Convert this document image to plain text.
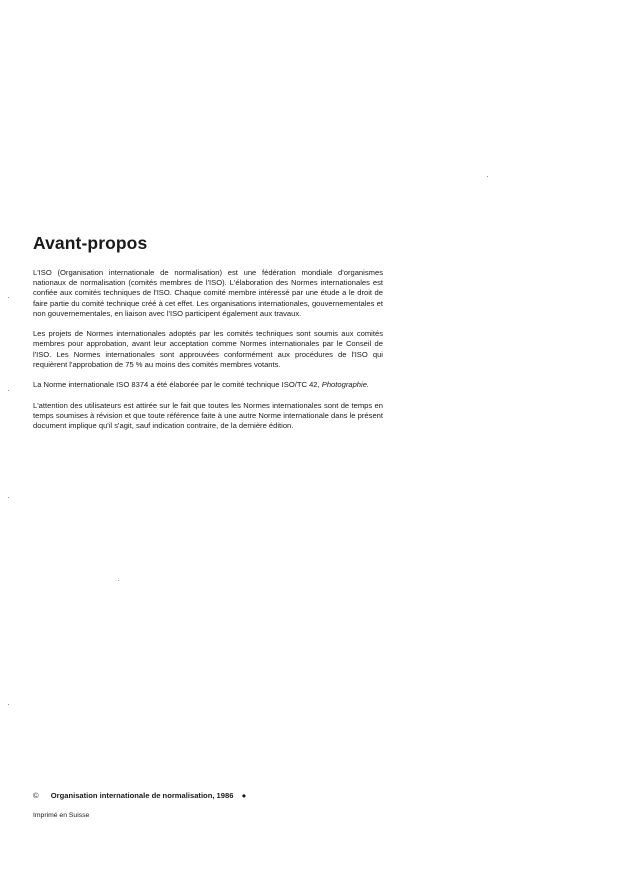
Avant-propos

L'ISO (Organisation internationale de normalisation) est une fédération mondiale d'organismes nationaux de normalisation (comités membres de l'ISO). L'élaboration des Normes internationales est confiée aux comités techniques de l'ISO. Chaque comité membre intéressé par une étude a le droit de faire partie du comité technique créé à cet effet. Les organisations internationales, gouvernementales et non gouvernementales, en liaison avec l'ISO participent également aux travaux.

Les projets de Normes internationales adoptés par les comités techniques sont soumis aux comités membres pour approbation, avant leur acceptation comme Normes internationales par le Conseil de l'ISO. Les Normes internationales sont approuvées conformément aux procédures de l'ISO qui requièrent l'approbation de 75 % au moins des comités membres votants.

La Norme internationale ISO 8374 a été élaborée par le comité technique ISO/TC 42, Photographie.

L'attention des utilisateurs est attirée sur le fait que toutes les Normes internationales sont de temps en temps soumises à révision et que toute référence faite à une autre Norme internationale dans le présent document implique qu'il s'agit, sauf indication contraire, de la dernière édition.

© Organisation internationale de normalisation, 1986 ●
Imprimé en Suisse
